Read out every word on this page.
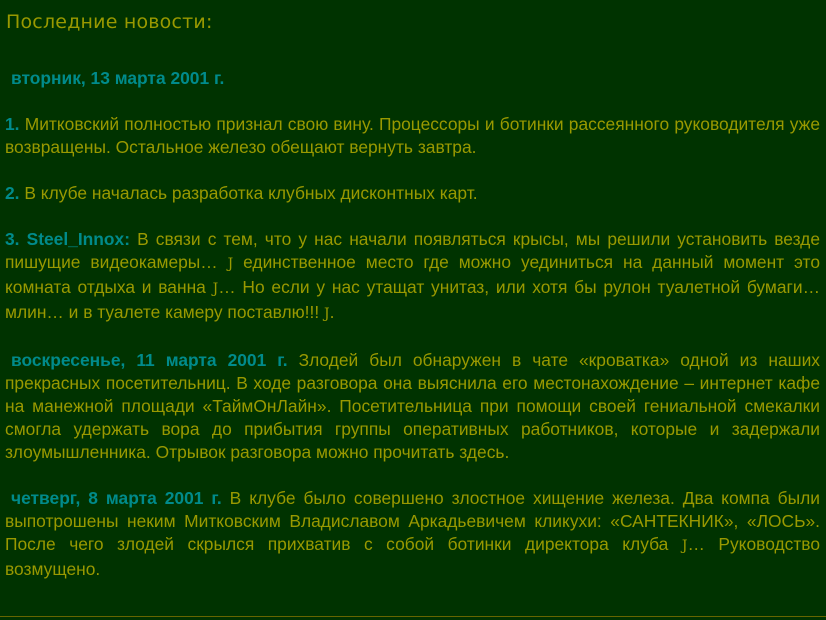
Последние новости:

вторник, 13 марта 2001 г.

1. Митковский полностью признал свою вину. Процессоры и ботинки рассеянного руководителя уже возвращены. Остальное железо обещают вернуть завтра.

2. В клубе началась разработка клубных дисконтных карт.

3. Steel_Innox: В связи с тем, что у нас начали появляться крысы, мы решили установить везде пишущие видеокамеры… J единственное место где можно уединиться на данный момент это комната отдыха и ванна J… Но если у нас утащат унитаз, или хотя бы рулон туалетной бумаги… млин… и в туалете камеру поставлю!!! J.

воскресенье, 11 марта 2001 г. Злодей был обнаружен в чате «кроватка» одной из наших прекрасных посетительниц. В ходе разговора она выяснила его местонахождение – интернет кафе на манежной площади «ТаймОнЛайн». Посетительница при помощи своей гениальной смекалки смогла удержать вора до прибытия группы оперативных работников, которые и задержали злоумышленника. Отрывок разговора можно прочитать здесь.

четверг, 8 марта 2001 г. В клубе было совершено злостное хищение железа. Два компа были выпотрошены неким Митковским Владиславом Аркадьевичем кликухи: «САНТЕКНИК», «ЛОСЬ». После чего злодей скрылся прихватив с собой ботинки директора клуба J… Руководство возмущено.
